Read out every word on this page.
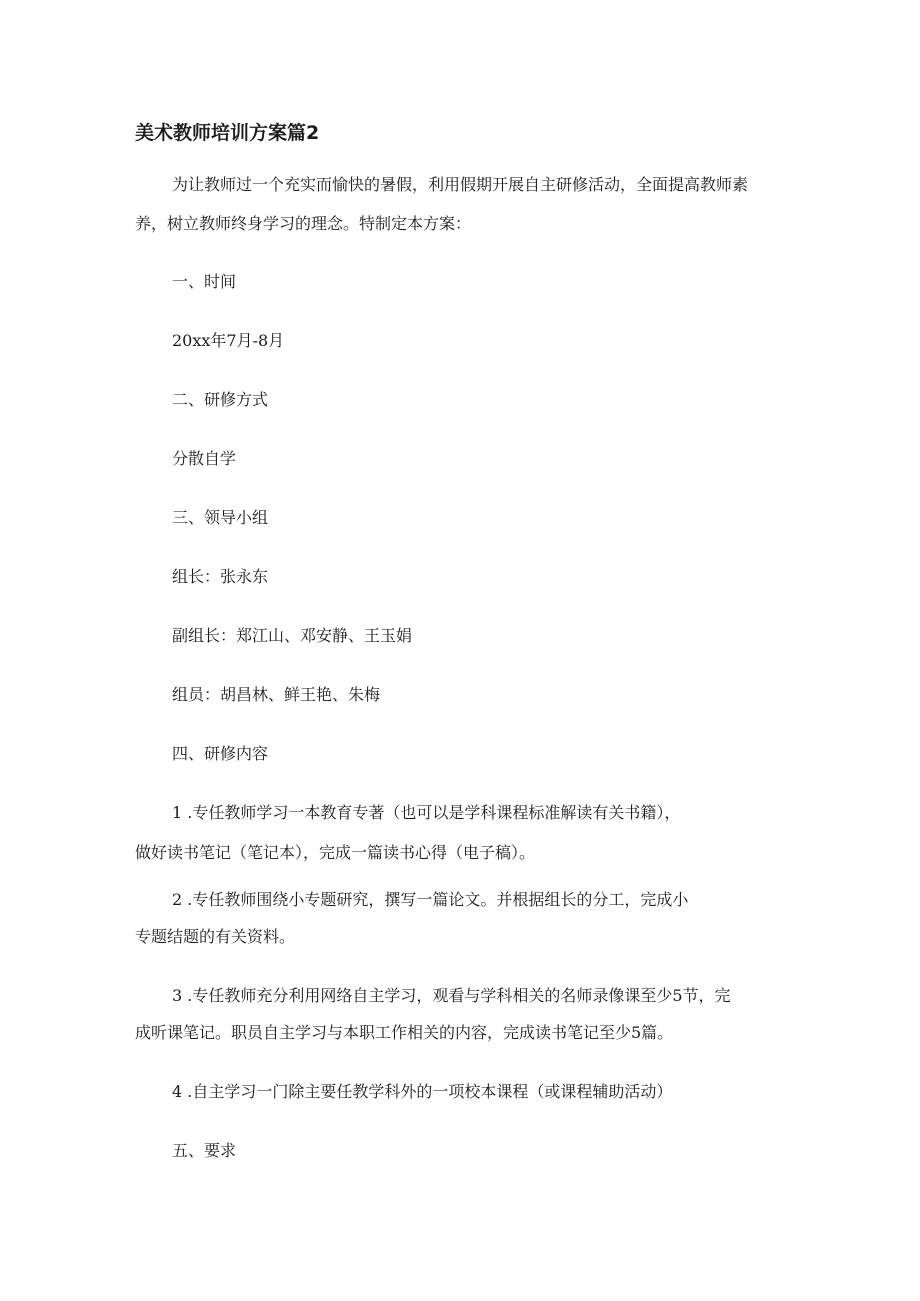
美术教师培训方案篇2
为让教师过一个充实而愉快的暑假，利用假期开展自主研修活动，全面提高教师素
养，树立教师终身学习的理念。特制定本方案：
一、时间
20xx年7月-8月
二、研修方式
分散自学
三、领导小组
组长：张永东
副组长：郑江山、邓安静、王玉娟
组员：胡昌林、鲜王艳、朱梅
四、研修内容
1 .专任教师学习一本教育专著（也可以是学科课程标准解读有关书籍），
做好读书笔记（笔记本），完成一篇读书心得（电子稿）。
2 .专任教师围绕小专题研究，撰写一篇论文。并根据组长的分工，完成小
专题结题的有关资料。
3 .专任教师充分利用网络自主学习，观看与学科相关的名师录像课至少5节，完
成听课笔记。职员自主学习与本职工作相关的内容，完成读书笔记至少5篇。
4 .自主学习一门除主要任教学科外的一项校本课程（或课程辅助活动）
五、要求
